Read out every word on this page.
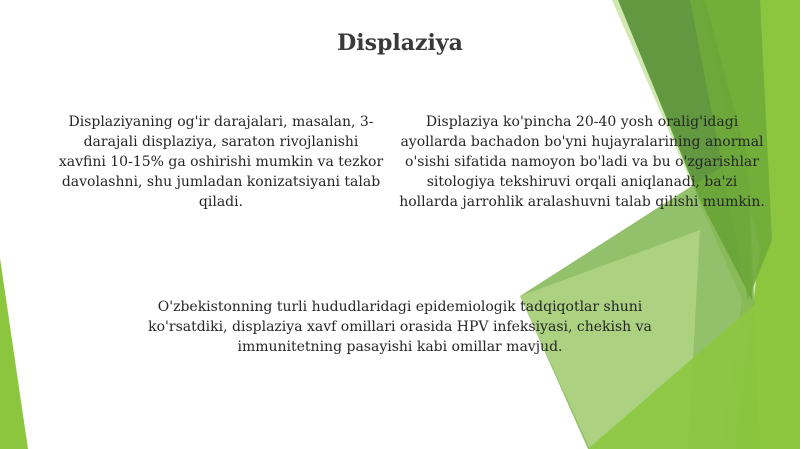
Displaziya

Displaziyaning og'ir darajalari, masalan, 3-darajali displaziya, saraton rivojlanishi xavfini 10-15% ga oshirishi mumkin va tezkor davolashni, shu jumladan konizatsiyani talab qiladi.

Displaziya ko'pincha 20-40 yosh oralig'idagi ayollarda bachadon bo'yni hujayralarining anormal o'sishi sifatida namoyon bo'ladi va bu o'zgarishlar sitologiya tekshiruvi orqali aniqlanadi, ba'zi hollarda jarrohlik aralashuvni talab qilishi mumkin.

O'zbekistonning turli hududlaridagi epidemiologik tadqiqotlar shuni ko'rsatdiki, displaziya xavf omillari orasida HPV infeksiyasi, chekish va immunitetning pasayishi kabi omillar mavjud.
